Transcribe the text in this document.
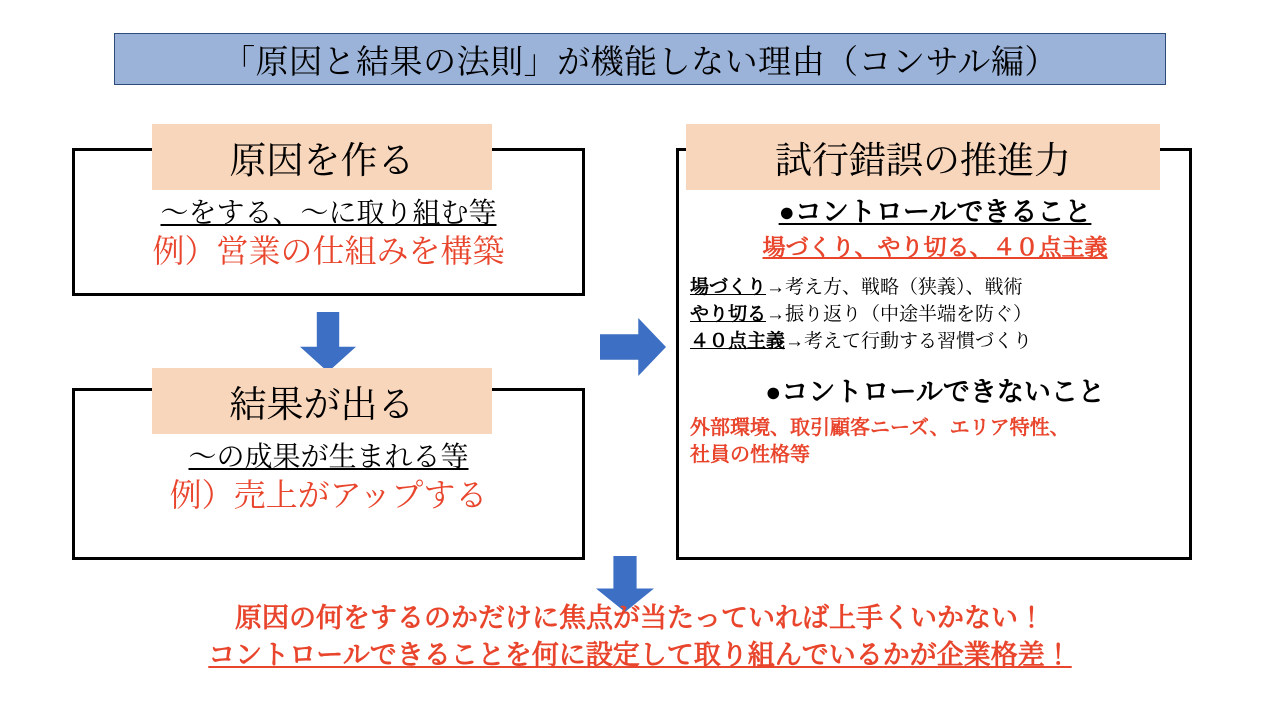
「原因と結果の法則」が機能しない理由（コンサル編）
原因を作る
〜をする、〜に取り組む等
例）営業の仕組みを構築
結果が出る
〜の成果が生まれる等
例）売上がアップする
試行錯誤の推進力
●コントロールできること
場づくり、やり切る、４０点主義
場づくり→考え方、戦略（狭義）、戦術
やり切る→振り返り（中途半端を防ぐ）
４０点主義→考えて行動する習慣づくり
●コントロールできないこと
外部環境、取引顧客ニーズ、エリア特性、
社員の性格等
原因の何をするのかだけに焦点が当たっていれば上手くいかない！
コントロールできることを何に設定して取り組んでいるかが企業格差！
